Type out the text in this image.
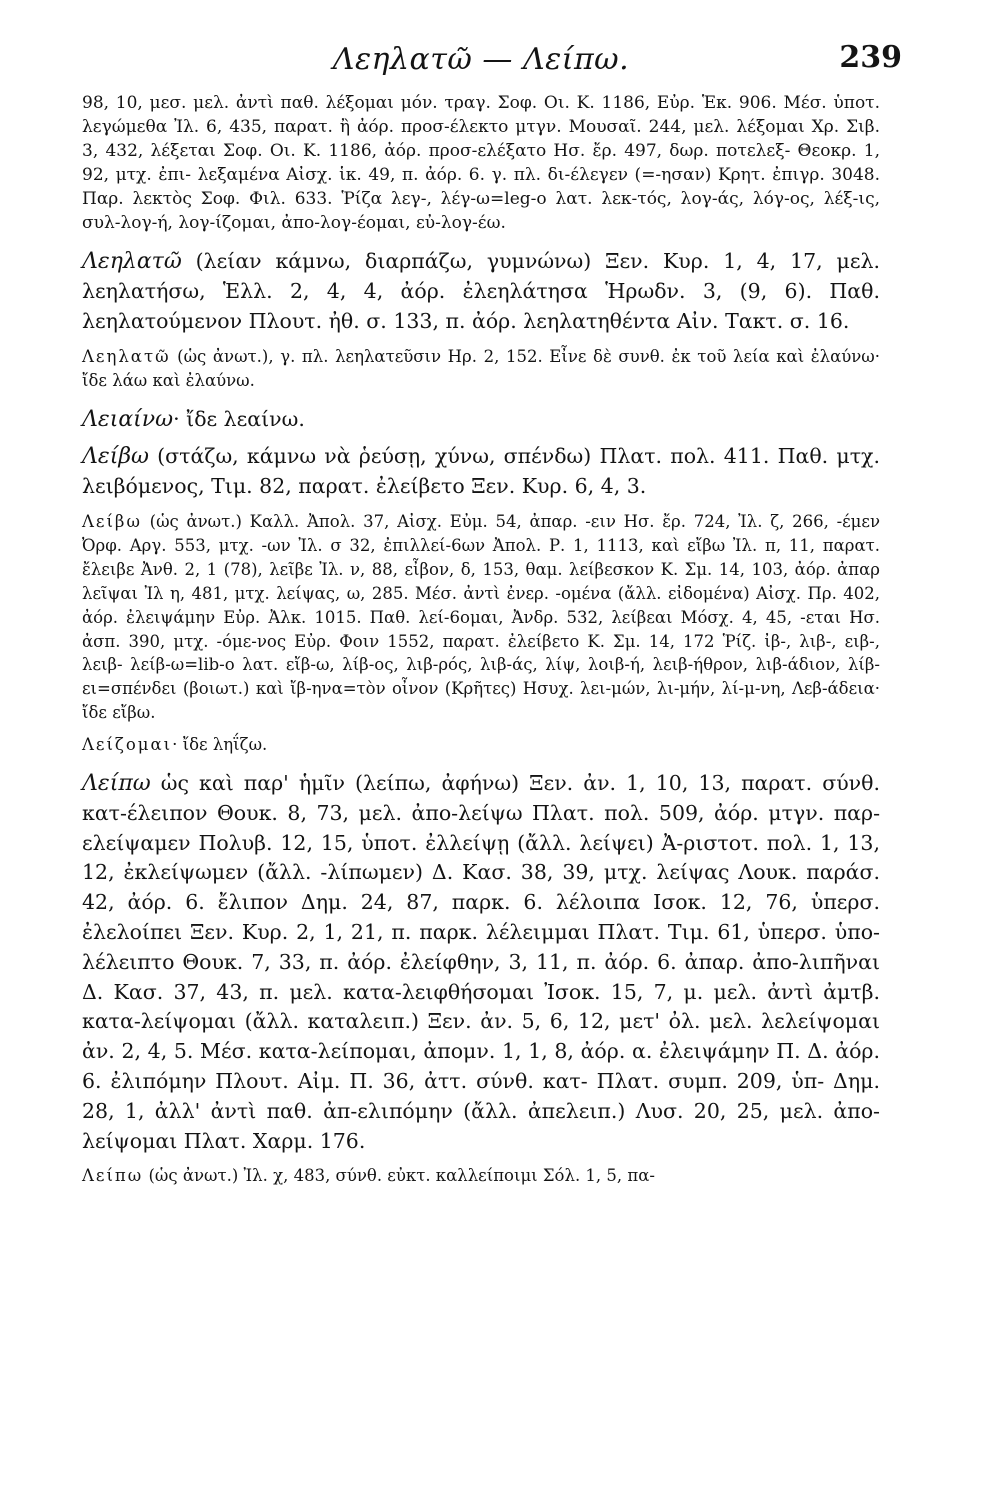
Λεηλατῶ — Λείπω.	239

98, 10, μεσ. μελ. ἀντὶ παθ. λέξομαι μόν. τραγ. Σοφ. Οι. Κ. 1186, Εὐρ. Ἑκ. 906. Μέσ. ὑποτ. λεγώμεθα Ἰλ. 6, 435, παρατ. ἢ ἀόρ. προσ-έλεκτο μτγν. Μουσαῖ. 244, μελ. λέξομαι Χρ. Σιβ. 3, 432, λέξεται Σοφ. Οι. Κ. 1186, ἀόρ. προσ-ελέξατο Ησ. ἔρ. 497, δωρ. ποτελεξ- Θεοκρ. 1, 92, μτχ. ἐπι- λεξαμένα Αἰσχ. ἱκ. 49, π. ἀόρ. 6. γ. πλ. δι-έλεγεν (=-ησαν) Κρητ. ἐπιγρ. 3048. Παρ. λεκτὸς Σοφ. Φιλ. 633. Ῥίζα λεγ-, λέγ-ω=leg-o λατ. λεκ-τός, λογ-άς, λόγ-ος, λέξ-ις, συλ-λογ-ή, λογ-ίζομαι, ἀπο-λογ-έομαι, εὐ-λογ-έω.

Λεηλατῶ (λείαν κάμνω, διαρπάζω, γυμνώνω) Ξεν. Κυρ. 1, 4, 17, μελ. λεηλατήσω, Ἑλλ. 2, 4, 4, ἀόρ. ἐλεηλάτησα Ἡρωδν. 3, (9, 6). Παθ. λεηλατούμενον Πλουτ. ἠθ. σ. 133, π. ἀόρ. λεηλατηθέντα Αἰν. Τακτ. σ. 16.

Λεηλατῶ (ὡς ἀνωτ.), γ. πλ. λεηλατεῦσιν Ηρ. 2, 152. Εἶνε δὲ συνθ. ἐκ τοῦ λεία καὶ ἐλαύνω· ἴδε λάω καὶ ἐλαύνω.

Λειαίνω· ἴδε λεαίνω.

Λείβω (στάζω, κάμνω νὰ ῥεύσῃ, χύνω, σπένδω) Πλατ. πολ. 411. Παθ. μτχ. λειβόμενος, Τιμ. 82, παρατ. ἐλείβετο Ξεν. Κυρ. 6, 4, 3.

Λείβω (ὡς ἀνωτ.) Καλλ. Ἀπολ. 37, Αἰσχ. Εὐμ. 54, ἀπαρ. -ειν Ησ. ἔρ. 724, Ἰλ. ζ, 266, -έμεν Ὀρφ. Αργ. 553, μτχ. -ων Ἰλ. σ 32, ἐπιλλεί-6ων Ἀπολ. Ρ. 1, 1113, καὶ εἴβω Ἰλ. π, 11, παρατ. ἔλειβε Ἀνθ. 2, 1 (78), λεῖβε Ἰλ. ν, 88, εἶβον, δ, 153, θαμ. λείβεσκον Κ. Σμ. 14, 103, ἀόρ. ἀπαρ λεῖψαι Ἰλ η, 481, μτχ. λείψας, ω, 285. Μέσ. ἀντὶ ἐνερ. -ομένα (ἄλλ. εἰδομένα) Αἰσχ. Πρ. 402, ἀόρ. ἐλειψάμην Εὐρ. Ἀλκ. 1015. Παθ. λεί-6ομαι, Ἀνδρ. 532, λείβεαι Μόσχ. 4, 45, -εται Ησ. ἀσπ. 390, μτχ. -όμε-νος Εὐρ. Φοιν 1552, παρατ. ἐλείβετο Κ. Σμ. 14, 172 Ῥίζ. ἰβ-, λιβ-, ειβ-, λειβ- λείβ-ω=lib-o λατ. εἴβ-ω, λίβ-ος, λιβ-ρός, λιβ-άς, λίψ, λοιβ-ή, λειβ-ήθρον, λιβ-άδιον, λίβ-ει=σπένδει (βοιωτ.) καὶ ἴβ-ηνα=τὸν οἶνον (Κρῆτες) Ησυχ. λει-μών, λι-μήν, λί-μ-νη, Λεβ-άδεια· ἴδε εἴβω.

Λείζομαι· ἴδε ληΐζω.

Λείπω ὡς καὶ παρ' ἡμῖν (λείπω, ἀφήνω) Ξεν. ἀν. 1, 10, 13, παρατ. σύνθ. κατ-έλειπον Θουκ. 8, 73, μελ. ἀπο-λείψω Πλατ. πολ. 509, ἀόρ. μτγν. παρ-ελείψαμεν Πολυβ. 12, 15, ὑποτ. ἐλλείψῃ (ἄλλ. λείψει) Ἀ-ριστοτ. πολ. 1, 13, 12, ἐκλείψωμεν (ἄλλ. -λίπωμεν) Δ. Κασ. 38, 39, μτχ. λείψας Λουκ. παράσ. 42, ἀόρ. 6. ἔλιπον Δημ. 24, 87, παρκ. 6. λέλοιπα Ισοκ. 12, 76, ὑπερσ. ἐλελοίπει Ξεν. Κυρ. 2, 1, 21, π. παρκ. λέλειμμαι Πλατ. Τιμ. 61, ὑπερσ. ὑπο-λέλειπτο Θουκ. 7, 33, π. ἀόρ. ἐλείφθην, 3, 11, π. ἀόρ. 6. ἀπαρ. ἀπο-λιπῆναι Δ. Κασ. 37, 43, π. μελ. κατα-λειφθήσομαι Ἰσοκ. 15, 7, μ. μελ. ἀντὶ ἀμτβ. κατα-λείψομαι (ἄλλ. καταλειπ.) Ξεν. ἀν. 5, 6, 12, μετ' ὀλ. μελ. λελείψομαι ἀν. 2, 4, 5. Μέσ. κατα-λείπομαι, ἀπομν. 1, 1, 8, ἀόρ. α. ἐλειψάμην Π. Δ. ἀόρ. 6. ἐλιπόμην Πλουτ. Αἰμ. Π. 36, ἀττ. σύνθ. κατ- Πλατ. συμπ. 209, ὑπ- Δημ. 28, 1, ἀλλ' ἀντὶ παθ. ἀπ-ελιπόμην (ἄλλ. ἀπελειπ.) Λυσ. 20, 25, μελ. ἀπο-λείψομαι Πλατ. Χαρμ. 176.

Λείπω (ὡς ἀνωτ.) Ἰλ. χ, 483, σύνθ. εὐκτ. καλλείποιμι Σόλ. 1, 5, πα-
